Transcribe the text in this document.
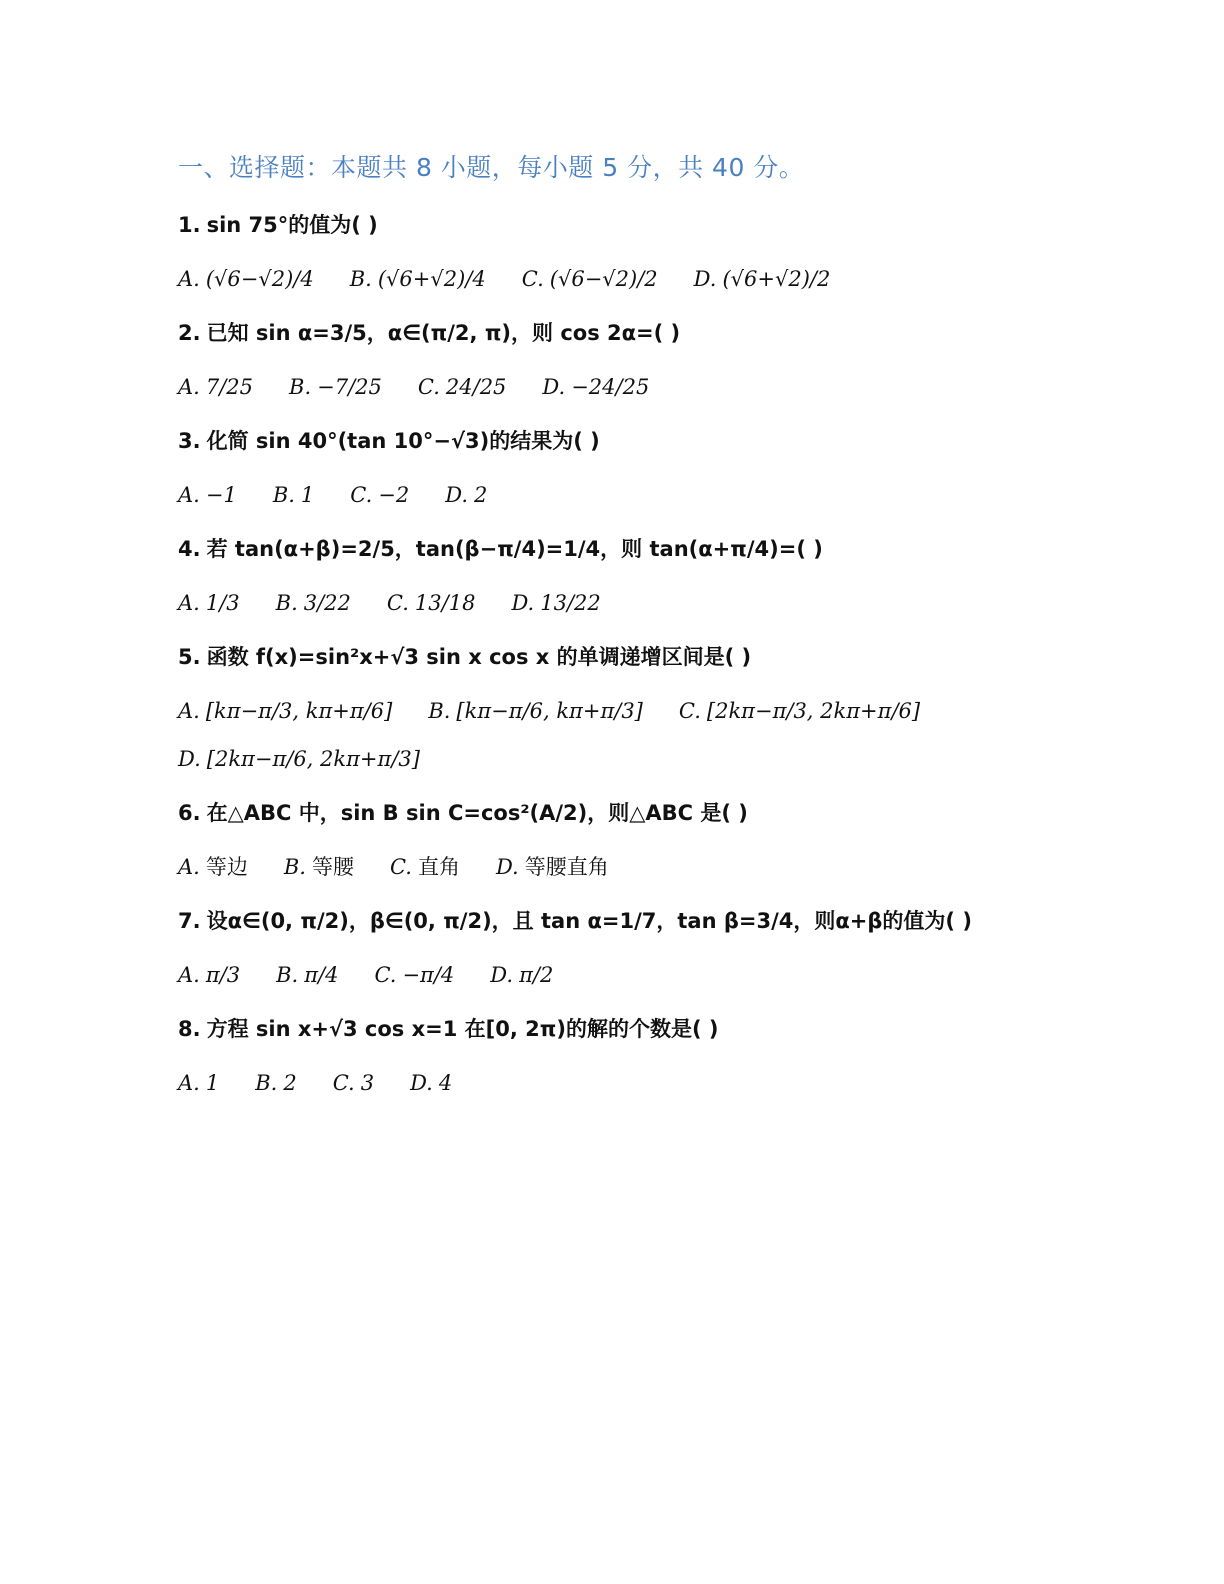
一、选择题：本题共 8 小题，每小题 5 分，共 40 分。
1. sin 75°的值为( )
A. (√6−√2)/4 B. (√6+√2)/4 C. (√6−√2)/2 D. (√6+√2)/2
2. 已知 sin α=3/5，α∈(π/2, π)，则 cos 2α=( )
A. 7/25 B. −7/25 C. 24/25 D. −24/25
3. 化简 sin 40°(tan 10°−√3)的结果为( )
A. −1 B. 1 C. −2 D. 2
4. 若 tan(α+β)=2/5，tan(β−π/4)=1/4，则 tan(α+π/4)=( )
A. 1/3 B. 3/22 C. 13/18 D. 13/22
5. 函数 f(x)=sin²x+√3 sin x cos x 的单调递增区间是( )
A. [kπ−π/3, kπ+π/6] B. [kπ−π/6, kπ+π/3] C. [2kπ−π/3, 2kπ+π/6]
D. [2kπ−π/6, 2kπ+π/3]
6. 在△ABC 中，sin B sin C=cos²(A/2)，则△ABC 是( )
A. 等边 B. 等腰 C. 直角 D. 等腰直角
7. 设α∈(0, π/2)，β∈(0, π/2)，且 tan α=1/7，tan β=3/4，则α+β的值为( )
A. π/3 B. π/4 C. −π/4 D. π/2
8. 方程 sin x+√3 cos x=1 在[0, 2π)的解的个数是( )
A. 1 B. 2 C. 3 D. 4
